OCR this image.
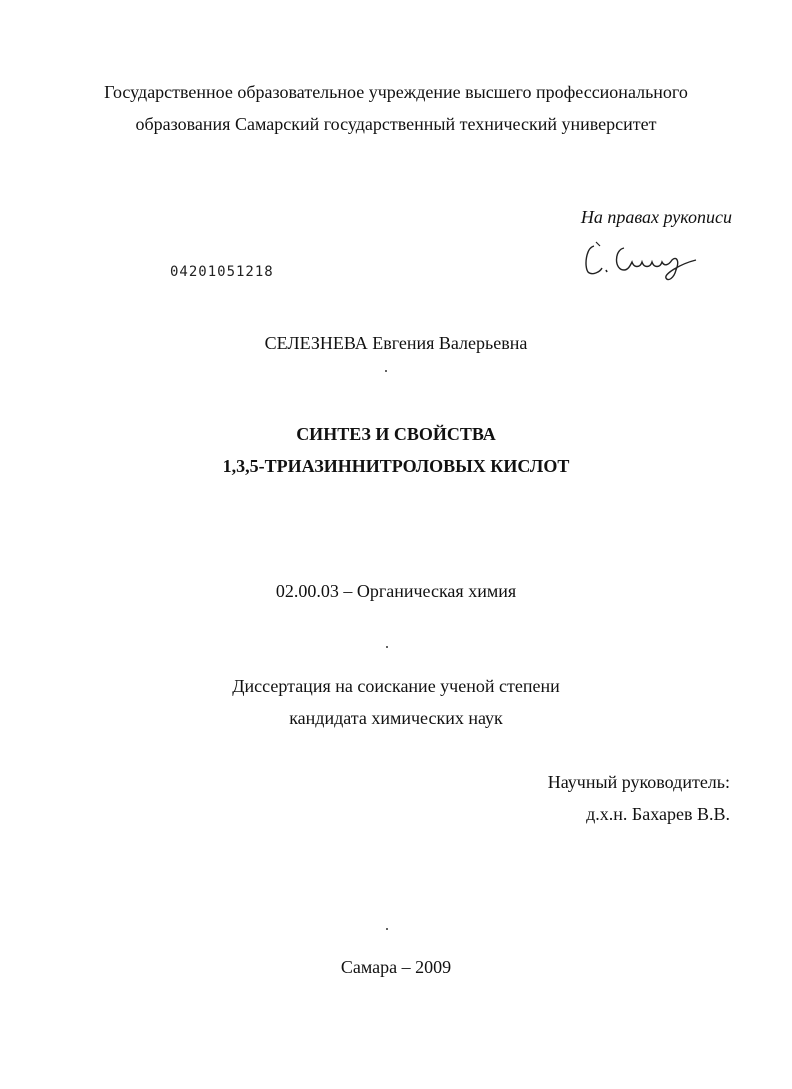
Государственное образовательное учреждение высшего профессионального
образования Самарский государственный технический университет
На правах рукописи
04201051218
СЕЛЕЗНЕВА Евгения Валерьевна
СИНТЕЗ И СВОЙСТВА
1,3,5-ТРИАЗИННИТРОЛОВЫХ КИСЛОТ
02.00.03 – Органическая химия
Диссертация на соискание ученой степени
кандидата химических наук
Научный руководитель:
д.х.н. Бахарев В.В.
Самара – 2009
